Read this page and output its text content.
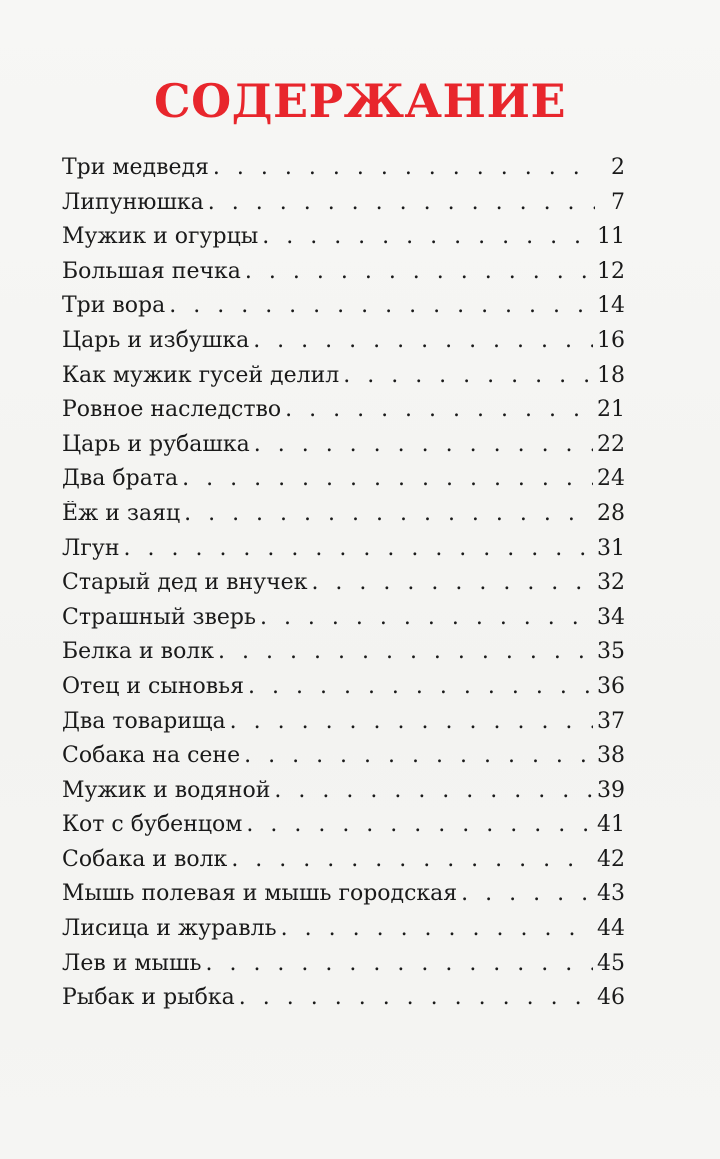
СОДЕРЖАНИЕ
Три медведя . . .	2
Липунюшка . . .	7
Мужик и огурцы . . .	11
Большая печка . . .	12
Три вора . . .	14
Царь и избушка . . .	16
Как мужик гусей делил . . .	18
Ровное наследство . . .	21
Царь и рубашка . . .	22
Два брата . . .	24
Ёж и заяц . . .	28
Лгун . . .	31
Старый дед и внучек . . .	32
Страшный зверь . . .	34
Белка и волк . . .	35
Отец и сыновья . . .	36
Два товарища . . .	37
Собака на сене . . .	38
Мужик и водяной . . .	39
Кот с бубенцом . . .	41
Собака и волк . . .	42
Мышь полевая и мышь городская . . .	43
Лисица и журавль . . .	44
Лев и мышь . . .	45
Рыбак и рыбка . . .	46
